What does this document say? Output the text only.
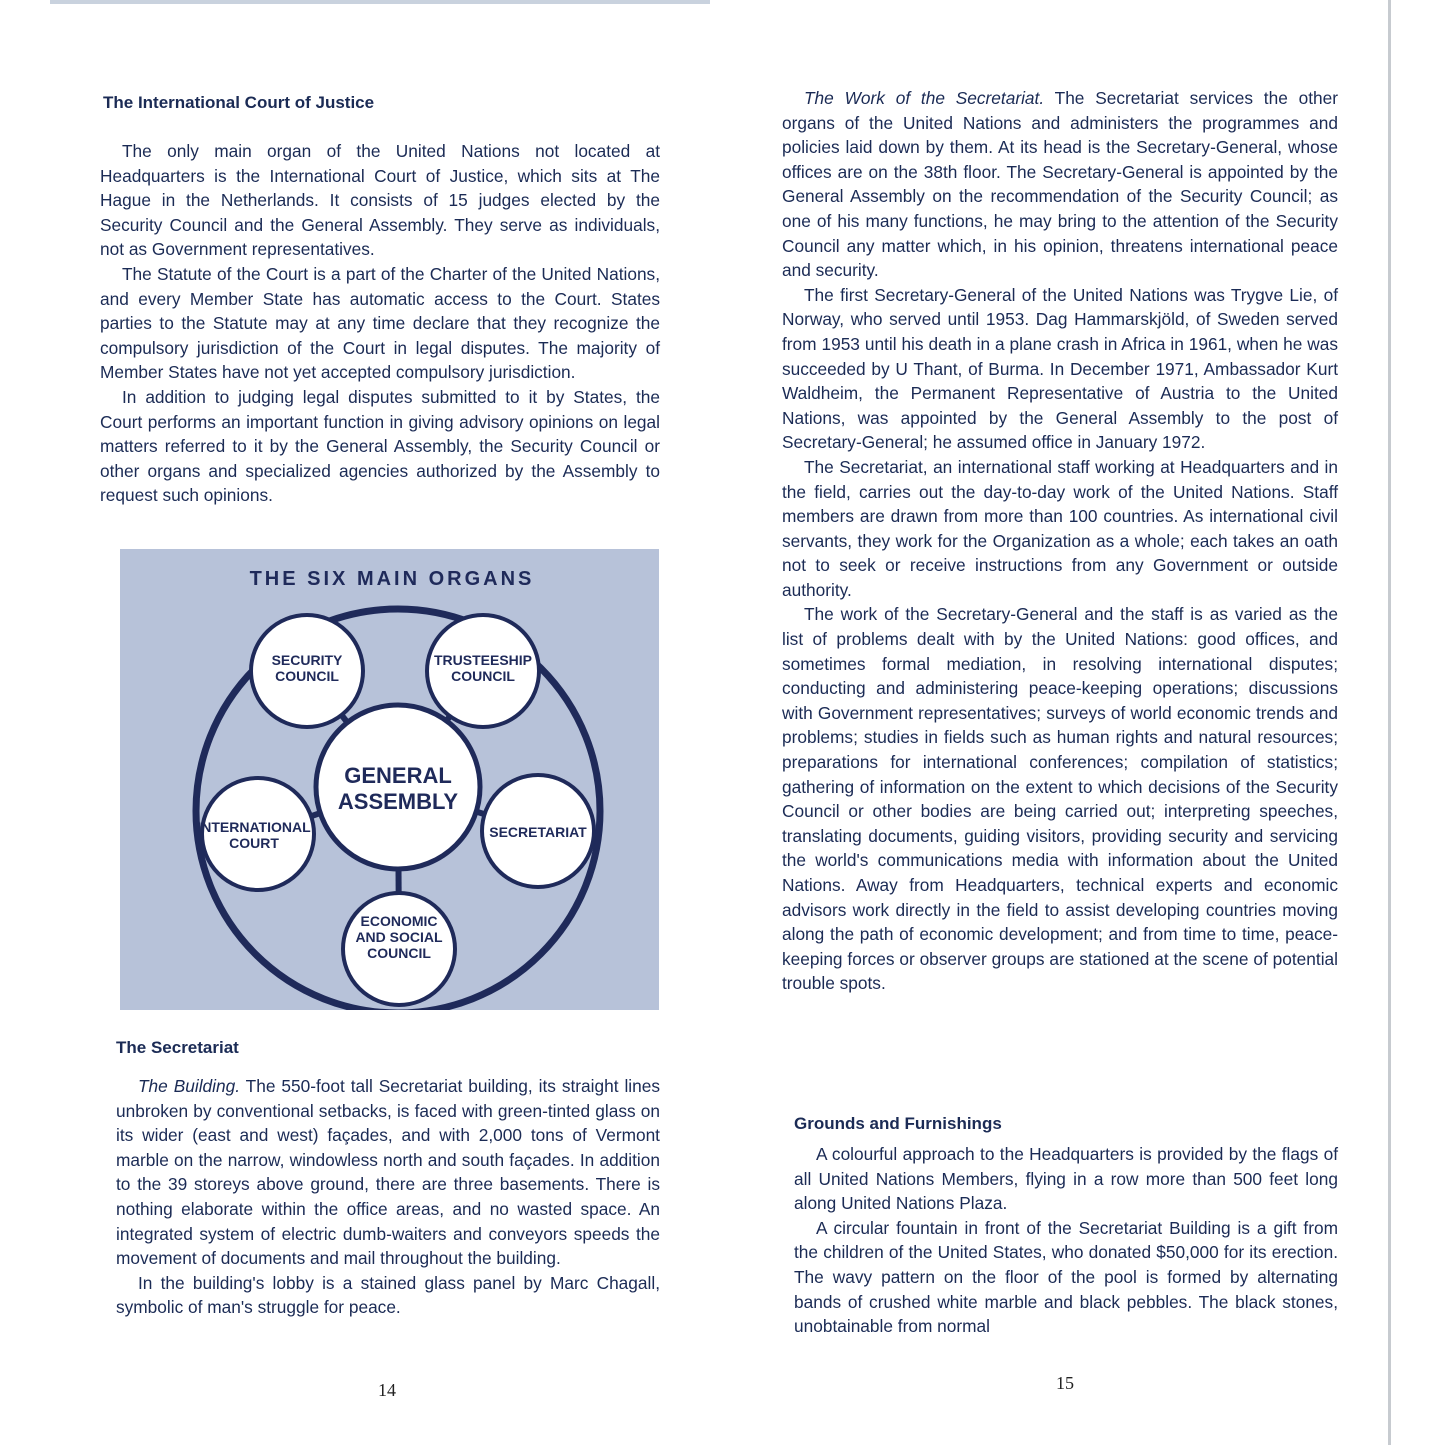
The International Court of Justice

The only main organ of the United Nations not located at Headquarters is the International Court of Justice, which sits at The Hague in the Netherlands. It consists of 15 judges elected by the Security Council and the General Assembly. They serve as individuals, not as Government representatives.

The Statute of the Court is a part of the Charter of the United Nations, and every Member State has automatic access to the Court. States parties to the Statute may at any time declare that they recognize the compulsory jurisdiction of the Court in legal disputes. The majority of Member States have not yet accepted compulsory jurisdiction.

In addition to judging legal disputes submitted to it by States, the Court performs an important function in giving advisory opinions on legal matters referred to it by the General Assembly, the Security Council or other organs and specialized agencies authorized by the Assembly to request such opinions.

THE SIX MAIN ORGANS
SECURITY COUNCIL
TRUSTEESHIP COUNCIL
INTERNATIONAL COURT
SECRETARIAT
ECONOMIC AND SOCIAL COUNCIL
GENERAL ASSEMBLY
The Secretariat

The Building. The 550-foot tall Secretariat building, its straight lines unbroken by conventional setbacks, is faced with green-tinted glass on its wider (east and west) façades, and with 2,000 tons of Vermont marble on the narrow, windowless north and south façades. In addition to the 39 storeys above ground, there are three basements. There is nothing elaborate within the office areas, and no wasted space. An integrated system of electric dumb-waiters and conveyors speeds the movement of documents and mail throughout the building.

In the building's lobby is a stained glass panel by Marc Chagall, symbolic of man's struggle for peace.

14

The Work of the Secretariat. The Secretariat services the other organs of the United Nations and administers the programmes and policies laid down by them. At its head is the Secretary-General, whose offices are on the 38th floor. The Secretary-General is appointed by the General Assembly on the recommendation of the Security Council; as one of his many functions, he may bring to the attention of the Security Council any matter which, in his opinion, threatens international peace and security.

The first Secretary-General of the United Nations was Trygve Lie, of Norway, who served until 1953. Dag Hammarskjöld, of Sweden served from 1953 until his death in a plane crash in Africa in 1961, when he was succeeded by U Thant, of Burma. In December 1971, Ambassador Kurt Waldheim, the Permanent Representative of Austria to the United Nations, was appointed by the General Assembly to the post of Secretary-General; he assumed office in January 1972.

The Secretariat, an international staff working at Headquarters and in the field, carries out the day-to-day work of the United Nations. Staff members are drawn from more than 100 countries. As international civil servants, they work for the Organization as a whole; each takes an oath not to seek or receive instructions from any Government or outside authority.

The work of the Secretary-General and the staff is as varied as the list of problems dealt with by the United Nations: good offices, and sometimes formal mediation, in resolving international disputes; conducting and administering peace-keeping operations; discussions with Government representatives; surveys of world economic trends and problems; studies in fields such as human rights and natural resources; preparations for international conferences; compilation of statistics; gathering of information on the extent to which decisions of the Security Council or other bodies are being carried out; interpreting speeches, translating documents, guiding visitors, providing security and servicing the world's communications media with information about the United Nations. Away from Headquarters, technical experts and economic advisors work directly in the field to assist developing countries moving along the path of economic development; and from time to time, peace-keeping forces or observer groups are stationed at the scene of potential trouble spots.

Grounds and Furnishings

A colourful approach to the Headquarters is provided by the flags of all United Nations Members, flying in a row more than 500 feet long along United Nations Plaza.

A circular fountain in front of the Secretariat Building is a gift from the children of the United States, who donated $50,000 for its erection. The wavy pattern on the floor of the pool is formed by alternating bands of crushed white marble and black pebbles. The black stones, unobtainable from normal

15
